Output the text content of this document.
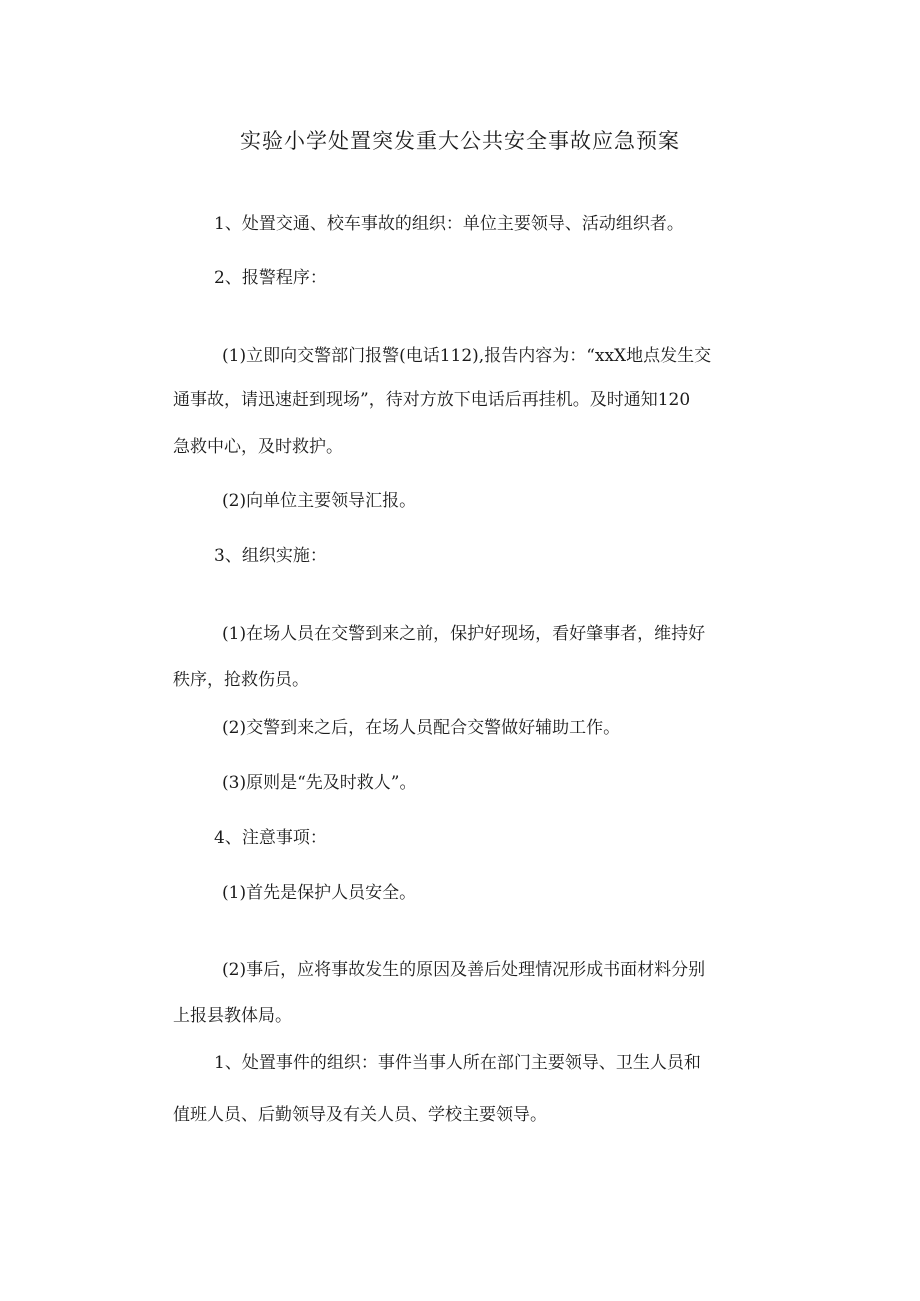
实验小学处置突发重大公共安全事故应急预案
1、处置交通、校车事故的组织：单位主要领导、活动组织者。
2、报警程序：
(1)立即向交警部门报警(电话112),报告内容为：“xxX地点发生交
通事故，请迅速赶到现场”，待对方放下电话后再挂机。及时通知120
急救中心，及时救护。
(2)向单位主要领导汇报。
3、组织实施：
(1)在场人员在交警到来之前，保护好现场，看好肇事者，维持好
秩序，抢救伤员。
(2)交警到来之后，在场人员配合交警做好辅助工作。
(3)原则是“先及时救人”。
4、注意事项：
(1)首先是保护人员安全。
(2)事后，应将事故发生的原因及善后处理情况形成书面材料分别
上报县教体局。
1、处置事件的组织：事件当事人所在部门主要领导、卫生人员和
值班人员、后勤领导及有关人员、学校主要领导。
